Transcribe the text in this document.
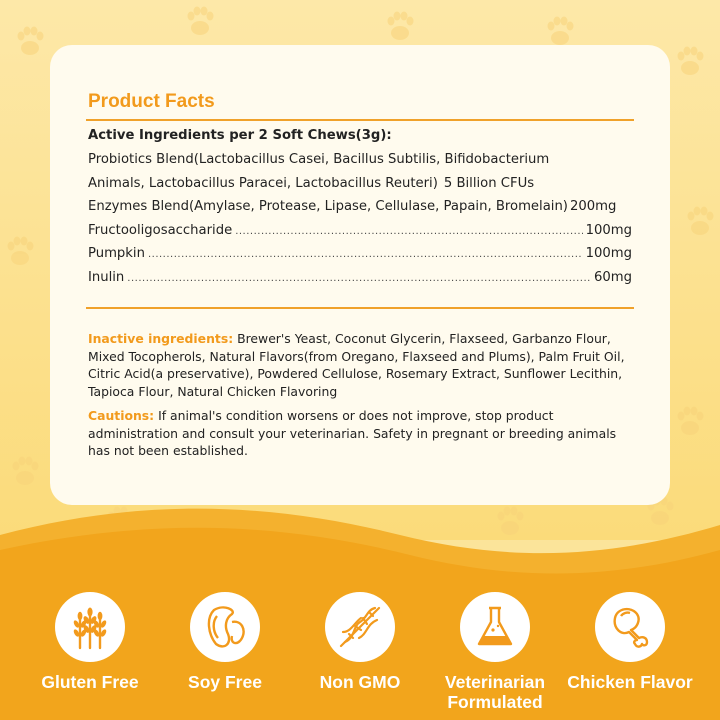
Product Facts
Active Ingredients per 2 Soft Chews(3g):
Probiotics Blend(Lactobacillus Casei, Bacillus Subtilis, Bifidobacterium
Animals, Lactobacillus Paracei, Lactobacillus Reuteri) 5 Billion CFUs
Enzymes Blend(Amylase, Protease, Lipase, Cellulase, Papain, Bromelain) 200mg
Fructooligosaccharide .....	100mg
Pumpkin .....	100mg
Inulin .....	60mg
Inactive ingredients: Brewer's Yeast, Coconut Glycerin, Flaxseed, Garbanzo Flour, Mixed Tocopherols, Natural Flavors(from Oregano, Flaxseed and Plums), Palm Fruit Oil, Citric Acid(a preservative), Powdered Cellulose, Rosemary Extract, Sunflower Lecithin, Tapioca Flour, Natural Chicken Flavoring
Cautions: If animal's condition worsens or does not improve, stop product administration and consult your veterinarian. Safety in pregnant or breeding animals has not been established.
Gluten Free	Soy Free	Non GMO	Veterinarian
Formulated
Chicken Flavor
